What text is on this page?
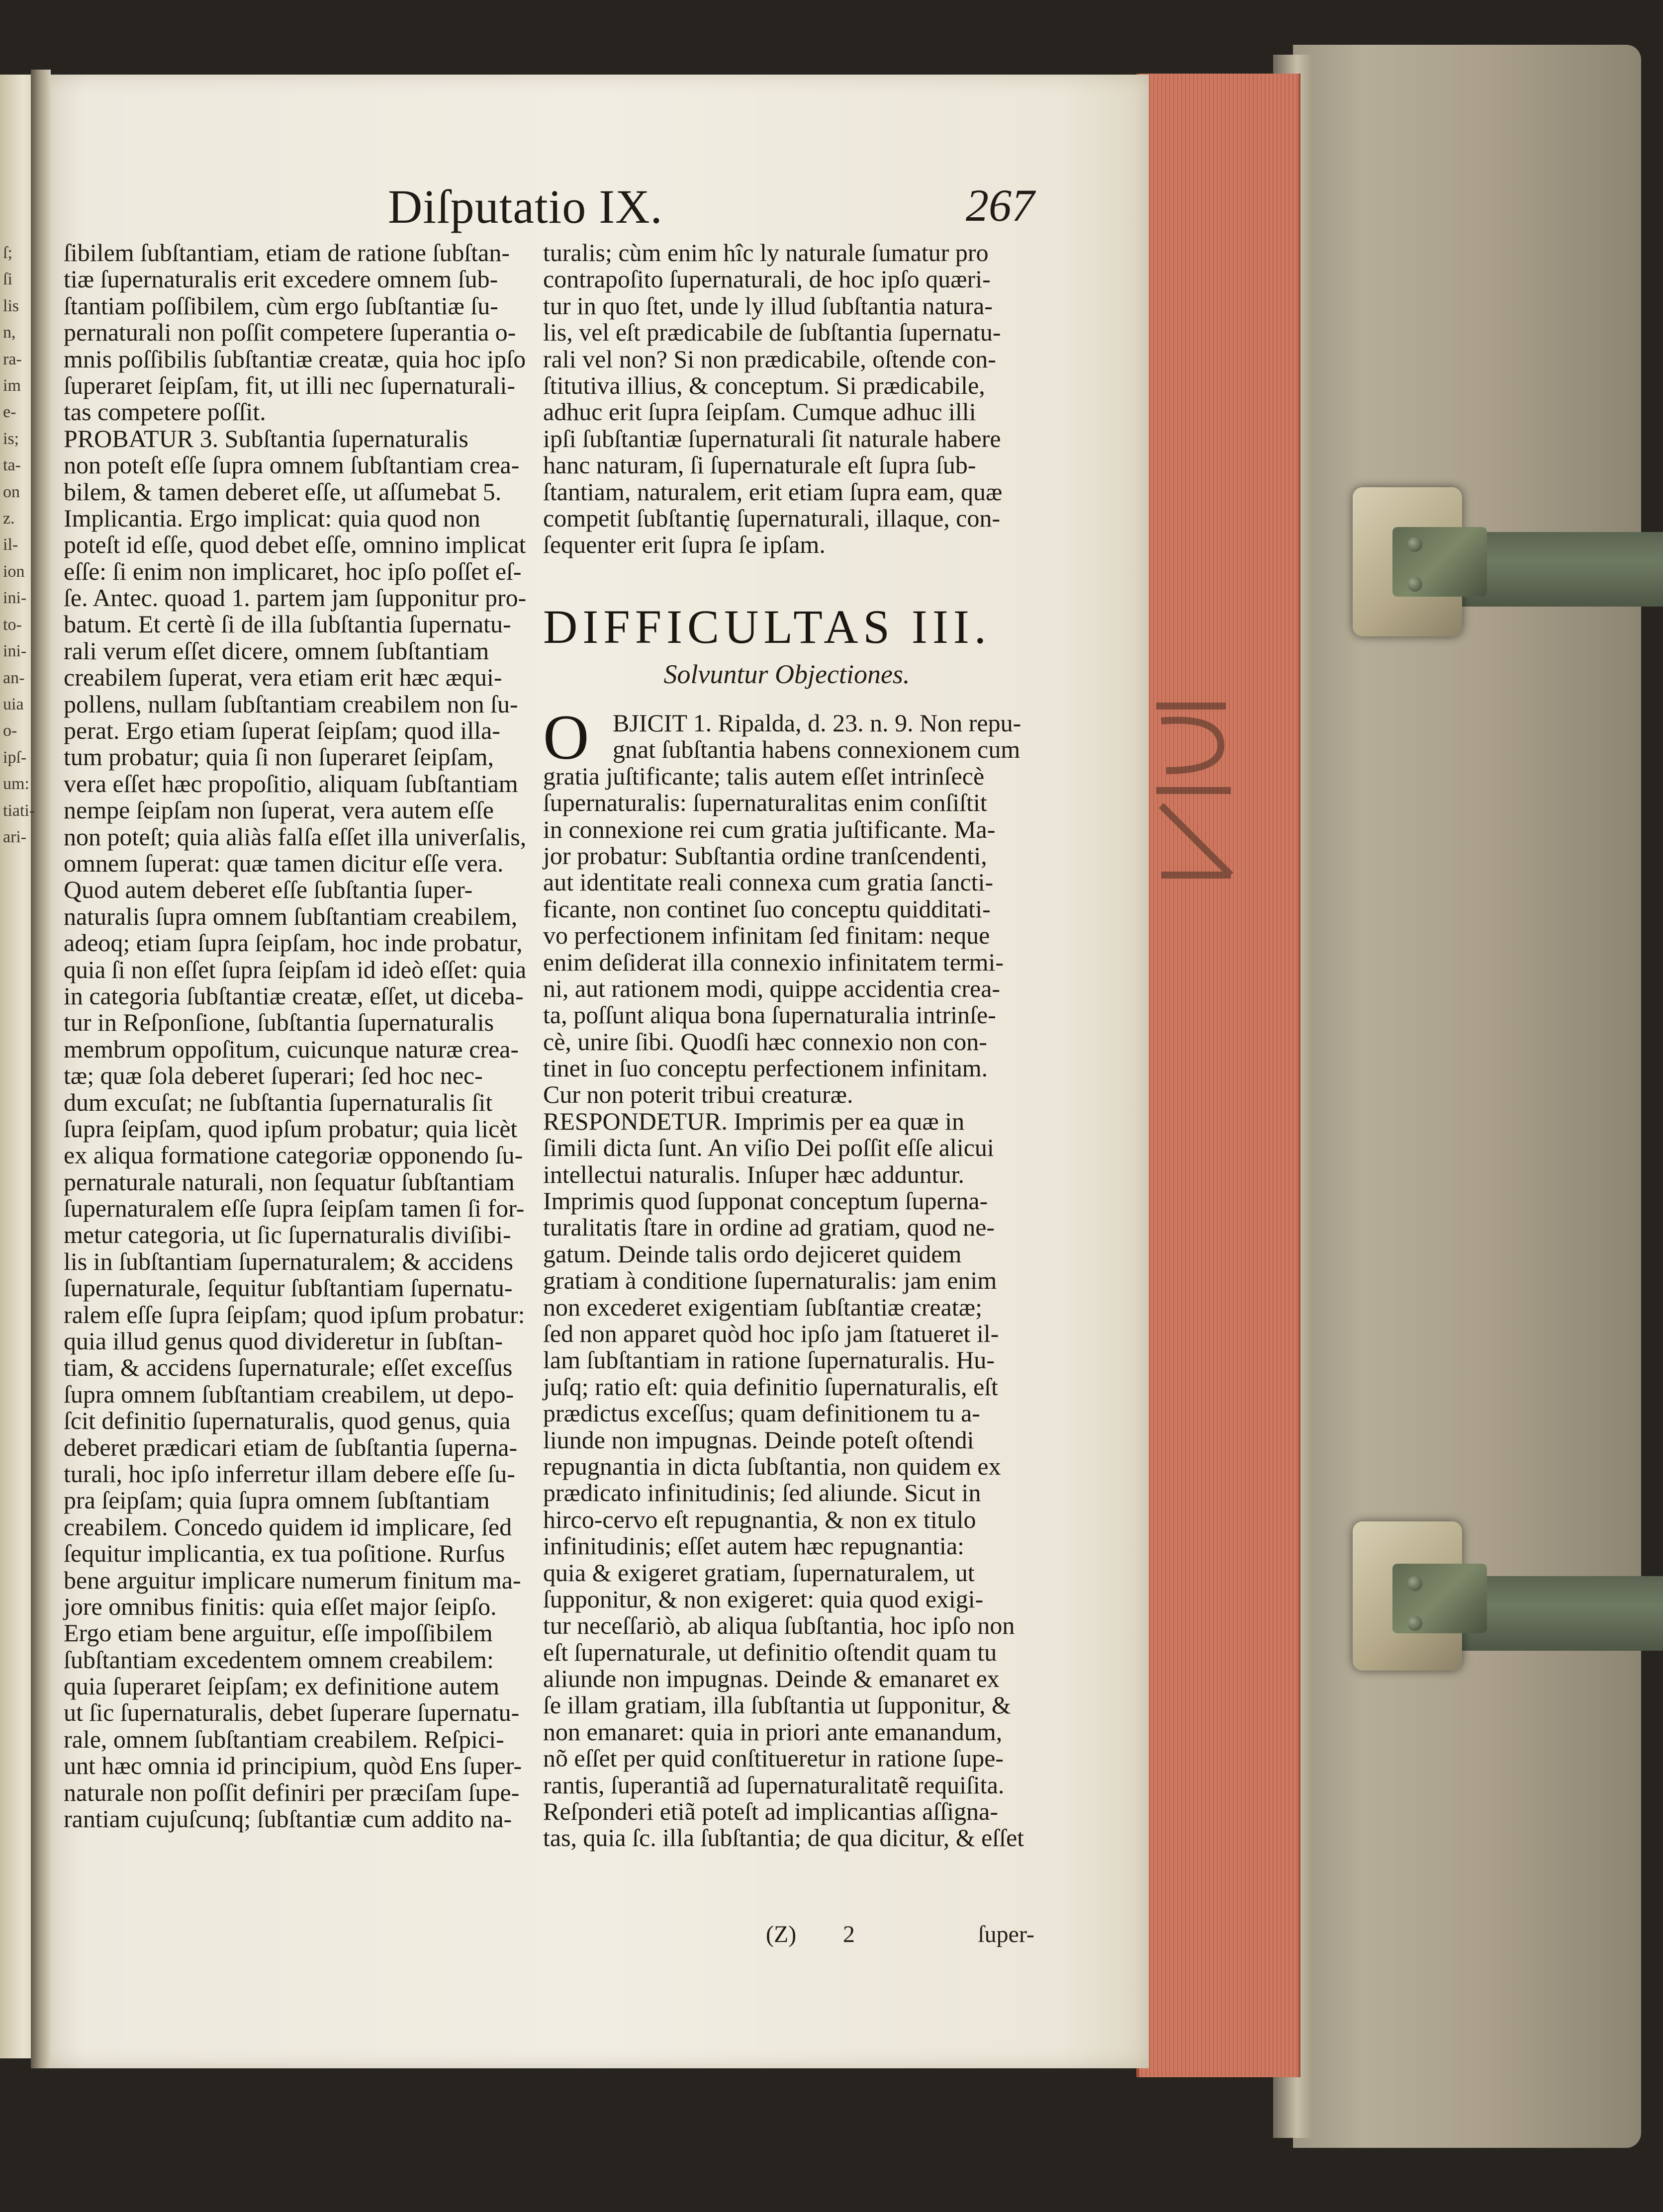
ſ;
ſi
lis
n,
ra-
im
e-
is;
ta-
on
z.
il-
ion
ini-
to-
ini-
an-
uia
o-
ipſ-
um:
tiati-
ari-
Diſputatio IX.	267
ſibilem ſubſtantiam, etiam de ratione ſubſtan-
tiæ ſupernaturalis erit excedere omnem ſub-
ſtantiam poſſibilem, cùm ergo ſubſtantiæ ſu-
pernaturali non poſſit competere ſuperantia o-
mnis poſſibilis ſubſtantiæ creatæ, quia hoc ipſo
ſuperaret ſeipſam, fit, ut illi nec ſupernaturali-
tas competere poſſit.
PROBATUR 3. Subſtantia ſupernaturalis
non poteſt eſſe ſupra omnem ſubſtantiam crea-
bilem, & tamen deberet eſſe, ut aſſumebat 5.
Implicantia. Ergo implicat: quia quod non
poteſt id eſſe, quod debet eſſe, omnino implicat
eſſe: ſi enim non implicaret, hoc ipſo poſſet eſ-
ſe. Antec. quoad 1. partem jam ſupponitur pro-
batum. Et certè ſi de illa ſubſtantia ſupernatu-
rali verum eſſet dicere, omnem ſubſtantiam
creabilem ſuperat, vera etiam erit hæc æqui-
pollens, nullam ſubſtantiam creabilem non ſu-
perat. Ergo etiam ſuperat ſeipſam; quod illa-
tum probatur; quia ſi non ſuperaret ſeipſam,
vera eſſet hæc propoſitio, aliquam ſubſtantiam
nempe ſeipſam non ſuperat, vera autem eſſe
non poteſt; quia aliàs falſa eſſet illa univerſalis,
omnem ſuperat: quæ tamen dicitur eſſe vera.
Quod autem deberet eſſe ſubſtantia ſuper-
naturalis ſupra omnem ſubſtantiam creabilem,
adeoq; etiam ſupra ſeipſam, hoc inde probatur,
quia ſi non eſſet ſupra ſeipſam id ideò eſſet: quia
in categoria ſubſtantiæ creatæ, eſſet, ut diceba-
tur in Reſponſione, ſubſtantia ſupernaturalis
membrum oppoſitum, cuicunque naturæ crea-
tæ; quæ ſola deberet ſuperari; ſed hoc nec-
dum excuſat; ne ſubſtantia ſupernaturalis ſit
ſupra ſeipſam, quod ipſum probatur; quia licèt
ex aliqua formatione categoriæ opponendo ſu-
pernaturale naturali, non ſequatur ſubſtantiam
ſupernaturalem eſſe ſupra ſeipſam tamen ſi for-
metur categoria, ut ſic ſupernaturalis diviſibi-
lis in ſubſtantiam ſupernaturalem; & accidens
ſupernaturale, ſequitur ſubſtantiam ſupernatu-
ralem eſſe ſupra ſeipſam; quod ipſum probatur:
quia illud genus quod divideretur in ſubſtan-
tiam, & accidens ſupernaturale; eſſet exceſſus
ſupra omnem ſubſtantiam creabilem, ut depo-
ſcit definitio ſupernaturalis, quod genus, quia
deberet prædicari etiam de ſubſtantia ſuperna-
turali, hoc ipſo inferretur illam debere eſſe ſu-
pra ſeipſam; quia ſupra omnem ſubſtantiam
creabilem. Concedo quidem id implicare, ſed
ſequitur implicantia, ex tua poſitione. Rurſus
bene arguitur implicare numerum finitum ma-
jore omnibus finitis: quia eſſet major ſeipſo.
Ergo etiam bene arguitur, eſſe impoſſibilem
ſubſtantiam excedentem omnem creabilem:
quia ſuperaret ſeipſam; ex definitione autem
ut ſic ſupernaturalis, debet ſuperare ſupernatu-
rale, omnem ſubſtantiam creabilem. Reſpici-
unt hæc omnia id principium, quòd Ens ſuper-
naturale non poſſit definiri per præciſam ſupe-
rantiam cujuſcunq; ſubſtantiæ cum addito na-
turalis; cùm enim hîc ly naturale ſumatur pro
contrapoſito ſupernaturali, de hoc ipſo quæri-
tur in quo ſtet, unde ly illud ſubſtantia natura-
lis, vel eſt prædicabile de ſubſtantia ſupernatu-
rali vel non? Si non prædicabile, oſtende con-
ſtitutiva illius, & conceptum. Si prædicabile,
adhuc erit ſupra ſeipſam. Cumque adhuc illi
ipſi ſubſtantiæ ſupernaturali ſit naturale habere
hanc naturam, ſi ſupernaturale eſt ſupra ſub-
ſtantiam, naturalem, erit etiam ſupra eam, quæ
competit ſubſtantię ſupernaturali, illaque, con-
ſequenter erit ſupra ſe ipſam.
DIFFICULTAS III.
Solvuntur Objectiones.
O BJICIT 1. Ripalda, d. 23. n. 9. Non repu-
gnat ſubſtantia habens connexionem cum
gratia juſtificante; talis autem eſſet intrinſecè
ſupernaturalis: ſupernaturalitas enim conſiſtit
in connexione rei cum gratia juſtificante. Ma-
jor probatur: Subſtantia ordine tranſcendenti,
aut identitate reali connexa cum gratia ſancti-
ficante, non continet ſuo conceptu quidditati-
vo perfectionem infinitam ſed finitam: neque
enim deſiderat illa connexio infinitatem termi-
ni, aut rationem modi, quippe accidentia crea-
ta, poſſunt aliqua bona ſupernaturalia intrinſe-
cè, unire ſibi. Quodſi hæc connexio non con-
tinet in ſuo conceptu perfectionem infinitam.
Cur non poterit tribui creaturæ.
RESPONDETUR. Imprimis per ea quæ in
ſimili dicta ſunt. An viſio Dei poſſit eſſe alicui
intellectui naturalis. Inſuper hæc adduntur.
Imprimis quod ſupponat conceptum ſuperna-
turalitatis ſtare in ordine ad gratiam, quod ne-
gatum. Deinde talis ordo dejiceret quidem
gratiam à conditione ſupernaturalis: jam enim
non excederet exigentiam ſubſtantiæ creatæ;
ſed non apparet quòd hoc ipſo jam ſtatueret il-
lam ſubſtantiam in ratione ſupernaturalis. Hu-
juſq; ratio eſt: quia definitio ſupernaturalis, eſt
prædictus exceſſus; quam definitionem tu a-
liunde non impugnas. Deinde poteſt oſtendi
repugnantia in dicta ſubſtantia, non quidem ex
prædicato infinitudinis; ſed aliunde. Sicut in
hirco-cervo eſt repugnantia, & non ex titulo
infinitudinis; eſſet autem hæc repugnantia:
quia & exigeret gratiam, ſupernaturalem, ut
ſupponitur, & non exigeret: quia quod exigi-
tur neceſſariò, ab aliqua ſubſtantia, hoc ipſo non
eſt ſupernaturale, ut definitio oſtendit quam tu
aliunde non impugnas. Deinde & emanaret ex
ſe illam gratiam, illa ſubſtantia ut ſupponitur, &
non emanaret: quia in priori ante emanandum,
nõ eſſet per quid conſtitueretur in ratione ſupe-
rantis, ſuperantiã ad ſupernaturalitatẽ requiſita.
Reſponderi etiã poteſt ad implicantias aſſigna-
tas, quia ſc. illa ſubſtantia; de qua dicitur, & eſſet
(Z) 2	ſuper-
